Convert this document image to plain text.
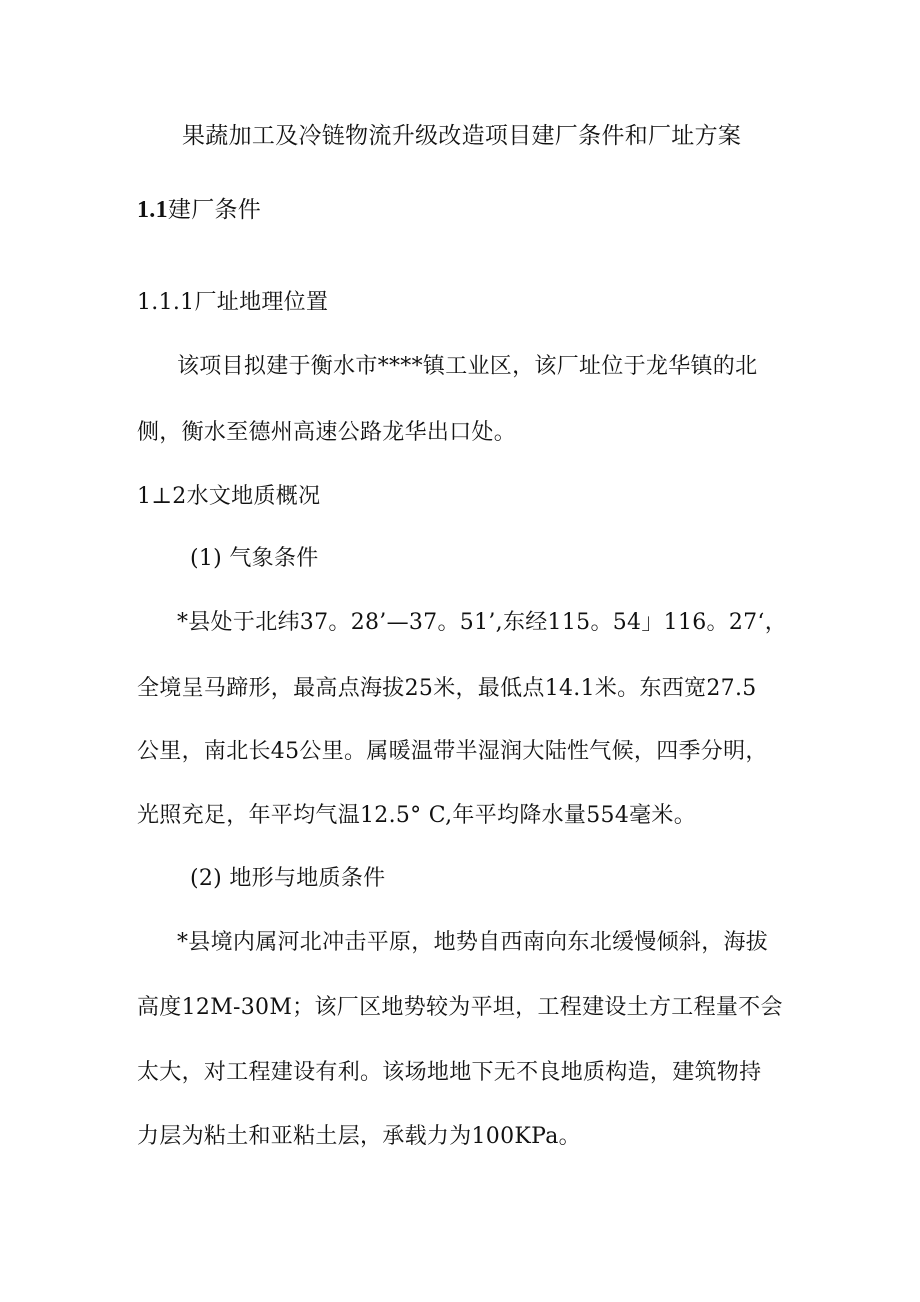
果蔬加工及冷链物流升级改造项目建厂条件和厂址方案
1.1建厂条件
1.1.1厂址地理位置
该项目拟建于衡水市****镇工业区，该厂址位于龙华镇的北
侧，衡水至德州高速公路龙华出口处。
1⊥2水文地质概况
(1) 气象条件
*县处于北纬37。28’—37。51’,东经115。54」116。27‘，
全境呈马蹄形，最高点海拔25米，最低点14.1米。东西宽27.5
公里，南北长45公里。属暖温带半湿润大陆性气候，四季分明，
光照充足，年平均气温12.5° C,年平均降水量554毫米。
(2) 地形与地质条件
*县境内属河北冲击平原，地势自西南向东北缓慢倾斜，海拔
高度12M-30M；该厂区地势较为平坦，工程建设土方工程量不会
太大，对工程建设有利。该场地地下无不良地质构造，建筑物持
力层为粘土和亚粘土层，承载力为100KPa。
